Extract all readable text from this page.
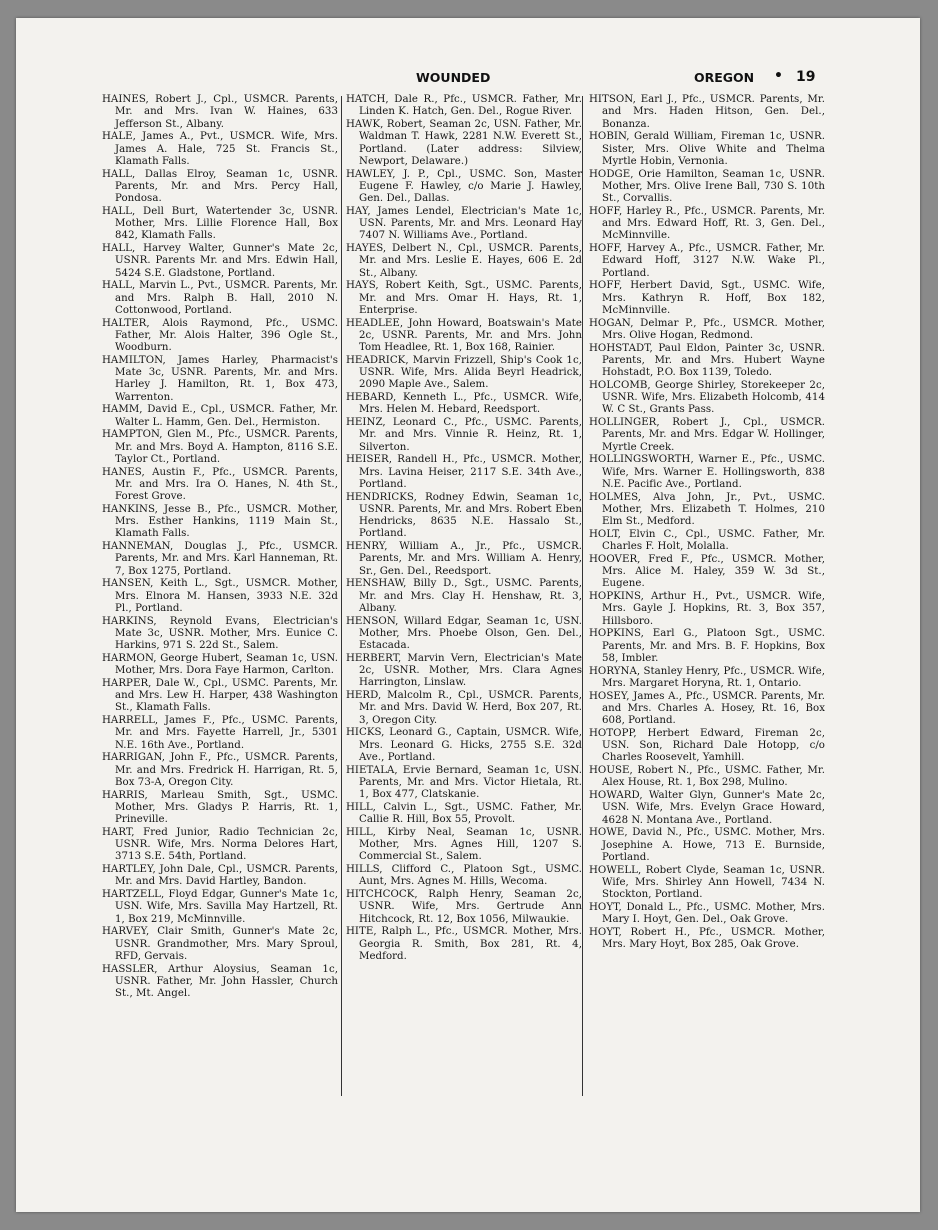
WOUNDED	OREGON • 19

HAINES, Robert J., Cpl., USMCR. Parents, Mr. and Mrs. Ivan W. Haines, 633 Jefferson St., Albany.

HALE, James A., Pvt., USMCR. Wife, Mrs. James A. Hale, 725 St. Francis St., Klamath Falls.

HALL, Dallas Elroy, Seaman 1c, USNR. Parents, Mr. and Mrs. Percy Hall, Pondosa.

HALL, Dell Burt, Watertender 3c, USNR. Mother, Mrs. Lillie Florence Hall, Box 842, Klamath Falls.

HALL, Harvey Walter, Gunner's Mate 2c, USNR. Parents Mr. and Mrs. Edwin Hall, 5424 S.E. Gladstone, Portland.

HALL, Marvin L., Pvt., USMCR. Parents, Mr. and Mrs. Ralph B. Hall, 2010 N. Cottonwood, Portland.

HALTER, Alois Raymond, Pfc., USMC. Father, Mr. Alois Halter, 396 Ogle St., Woodburn.

HAMILTON, James Harley, Pharmacist's Mate 3c, USNR. Parents, Mr. and Mrs. Harley J. Hamilton, Rt. 1, Box 473, Warrenton.

HAMM, David E., Cpl., USMCR. Father, Mr. Walter L. Hamm, Gen. Del., Hermiston.

HAMPTON, Glen M., Pfc., USMCR. Parents, Mr. and Mrs. Boyd A. Hampton, 8116 S.E. Taylor Ct., Portland.

HANES, Austin F., Pfc., USMCR. Parents, Mr. and Mrs. Ira O. Hanes, N. 4th St., Forest Grove.

HANKINS, Jesse B., Pfc., USMCR. Mother, Mrs. Esther Hankins, 1119 Main St., Klamath Falls.

HANNEMAN, Douglas J., Pfc., USMCR. Parents, Mr. and Mrs. Karl Hanneman, Rt. 7, Box 1275, Portland.

HANSEN, Keith L., Sgt., USMCR. Mother, Mrs. Elnora M. Hansen, 3933 N.E. 32d Pl., Portland.

HARKINS, Reynold Evans, Electrician's Mate 3c, USNR. Mother, Mrs. Eunice C. Harkins, 971 S. 22d St., Salem.

HARMON, George Hubert, Seaman 1c, USN. Mother, Mrs. Dora Faye Harmon, Carlton.

HARPER, Dale W., Cpl., USMC. Parents, Mr. and Mrs. Lew H. Harper, 438 Washington St., Klamath Falls.

HARRELL, James F., Pfc., USMC. Parents, Mr. and Mrs. Fayette Harrell, Jr., 5301 N.E. 16th Ave., Portland.

HARRIGAN, John F., Pfc., USMCR. Parents, Mr. and Mrs. Fredrick H. Harrigan, Rt. 5, Box 73-A, Oregon City.

HARRIS, Marleau Smith, Sgt., USMC. Mother, Mrs. Gladys P. Harris, Rt. 1, Prineville.

HART, Fred Junior, Radio Technician 2c, USNR. Wife, Mrs. Norma Delores Hart, 3713 S.E. 54th, Portland.

HARTLEY, John Dale, Cpl., USMCR. Parents, Mr. and Mrs. David Hartley, Bandon.

HARTZELL, Floyd Edgar, Gunner's Mate 1c, USN. Wife, Mrs. Savilla May Hartzell, Rt. 1, Box 219, McMinnville.

HARVEY, Clair Smith, Gunner's Mate 2c, USNR. Grandmother, Mrs. Mary Sproul, RFD, Gervais.

HASSLER, Arthur Aloysius, Seaman 1c, USNR. Father, Mr. John Hassler, Church St., Mt. Angel.

HATCH, Dale R., Pfc., USMCR. Father, Mr. Linden K. Hatch, Gen. Del., Rogue River.

HAWK, Robert, Seaman 2c, USN. Father, Mr. Waldman T. Hawk, 2281 N.W. Everett St., Portland. (Later address: Silview, Newport, Delaware.)

HAWLEY, J. P., Cpl., USMC. Son, Master Eugene F. Hawley, c/o Marie J. Hawley, Gen. Del., Dallas.

HAY, James Lendel, Electrician's Mate 1c, USN. Parents, Mr. and Mrs. Leonard Hay 7407 N. Williams Ave., Portland.

HAYES, Delbert N., Cpl., USMCR. Parents, Mr. and Mrs. Leslie E. Hayes, 606 E. 2d St., Albany.

HAYS, Robert Keith, Sgt., USMC. Parents, Mr. and Mrs. Omar H. Hays, Rt. 1, Enterprise.

HEADLEE, John Howard, Boatswain's Mate 2c, USNR. Parents, Mr. and Mrs. John Tom Headlee, Rt. 1, Box 168, Rainier.

HEADRICK, Marvin Frizzell, Ship's Cook 1c, USNR. Wife, Mrs. Alida Beyrl Headrick, 2090 Maple Ave., Salem.

HEBARD, Kenneth L., Pfc., USMCR. Wife, Mrs. Helen M. Hebard, Reedsport.

HEINZ, Leonard C., Pfc., USMC. Parents, Mr. and Mrs. Vinnie R. Heinz, Rt. 1, Silverton.

HEISER, Randell H., Pfc., USMCR. Mother, Mrs. Lavina Heiser, 2117 S.E. 34th Ave., Portland.

HENDRICKS, Rodney Edwin, Seaman 1c, USNR. Parents, Mr. and Mrs. Robert Eben Hendricks, 8635 N.E. Hassalo St., Portland.

HENRY, William A., Jr., Pfc., USMCR. Parents, Mr. and Mrs. William A. Henry, Sr., Gen. Del., Reedsport.

HENSHAW, Billy D., Sgt., USMC. Parents, Mr. and Mrs. Clay H. Henshaw, Rt. 3, Albany.

HENSON, Willard Edgar, Seaman 1c, USN. Mother, Mrs. Phoebe Olson, Gen. Del., Estacada.

HERBERT, Marvin Vern, Electrician's Mate 2c, USNR. Mother, Mrs. Clara Agnes Harrington, Linslaw.

HERD, Malcolm R., Cpl., USMCR. Parents, Mr. and Mrs. David W. Herd, Box 207, Rt. 3, Oregon City.

HICKS, Leonard G., Captain, USMCR. Wife, Mrs. Leonard G. Hicks, 2755 S.E. 32d Ave., Portland.

HIETALA, Ervie Bernard, Seaman 1c, USN. Parents, Mr. and Mrs. Victor Hietala, Rt. 1, Box 477, Clatskanie.

HILL, Calvin L., Sgt., USMC. Father, Mr. Callie R. Hill, Box 55, Provolt.

HILL, Kirby Neal, Seaman 1c, USNR. Mother, Mrs. Agnes Hill, 1207 S. Commercial St., Salem.

HILLS, Clifford C., Platoon Sgt., USMC. Aunt, Mrs. Agnes M. Hills, Wecoma.

HITCHCOCK, Ralph Henry, Seaman 2c, USNR. Wife, Mrs. Gertrude Ann Hitchcock, Rt. 12, Box 1056, Milwaukie.

HITE, Ralph L., Pfc., USMCR. Mother, Mrs. Georgia R. Smith, Box 281, Rt. 4, Medford.

HITSON, Earl J., Pfc., USMCR. Parents, Mr. and Mrs. Haden Hitson, Gen. Del., Bonanza.

HOBIN, Gerald William, Fireman 1c, USNR. Sister, Mrs. Olive White and Thelma Myrtle Hobin, Vernonia.

HODGE, Orie Hamilton, Seaman 1c, USNR. Mother, Mrs. Olive Irene Ball, 730 S. 10th St., Corvallis.

HOFF, Harley R., Pfc., USMCR. Parents, Mr. and Mrs. Edward Hoff, Rt. 3, Gen. Del., McMinnville.

HOFF, Harvey A., Pfc., USMCR. Father, Mr. Edward Hoff, 3127 N.W. Wake Pl., Portland.

HOFF, Herbert David, Sgt., USMC. Wife, Mrs. Kathryn R. Hoff, Box 182, McMinnville.

HOGAN, Delmar P., Pfc., USMCR. Mother, Mrs. Olive Hogan, Redmond.

HOHSTADT, Paul Eldon, Painter 3c, USNR. Parents, Mr. and Mrs. Hubert Wayne Hohstadt, P.O. Box 1139, Toledo.

HOLCOMB, George Shirley, Storekeeper 2c, USNR. Wife, Mrs. Elizabeth Holcomb, 414 W. C St., Grants Pass.

HOLLINGER, Robert J., Cpl., USMCR. Parents, Mr. and Mrs. Edgar W. Hollinger, Myrtle Creek.

HOLLINGSWORTH, Warner E., Pfc., USMC. Wife, Mrs. Warner E. Hollingsworth, 838 N.E. Pacific Ave., Portland.

HOLMES, Alva John, Jr., Pvt., USMC. Mother, Mrs. Elizabeth T. Holmes, 210 Elm St., Medford.

HOLT, Elvin C., Cpl., USMC. Father, Mr. Charles F. Holt, Molalla.

HOOVER, Fred F., Pfc., USMCR. Mother, Mrs. Alice M. Haley, 359 W. 3d St., Eugene.

HOPKINS, Arthur H., Pvt., USMCR. Wife, Mrs. Gayle J. Hopkins, Rt. 3, Box 357, Hillsboro.

HOPKINS, Earl G., Platoon Sgt., USMC. Parents, Mr. and Mrs. B. F. Hopkins, Box 58, Imbler.

HORYNA, Stanley Henry, Pfc., USMCR. Wife, Mrs. Margaret Horyna, Rt. 1, Ontario.

HOSEY, James A., Pfc., USMCR. Parents, Mr. and Mrs. Charles A. Hosey, Rt. 16, Box 608, Portland.

HOTOPP, Herbert Edward, Fireman 2c, USN. Son, Richard Dale Hotopp, c/o Charles Roosevelt, Yamhill.

HOUSE, Robert N., Pfc., USMC. Father, Mr. Alex House, Rt. 1, Box 298, Mulino.

HOWARD, Walter Glyn, Gunner's Mate 2c, USN. Wife, Mrs. Evelyn Grace Howard, 4628 N. Montana Ave., Portland.

HOWE, David N., Pfc., USMC. Mother, Mrs. Josephine A. Howe, 713 E. Burnside, Portland.

HOWELL, Robert Clyde, Seaman 1c, USNR. Wife, Mrs. Shirley Ann Howell, 7434 N. Stockton, Portland.

HOYT, Donald L., Pfc., USMC. Mother, Mrs. Mary I. Hoyt, Gen. Del., Oak Grove.

HOYT, Robert H., Pfc., USMCR. Mother, Mrs. Mary Hoyt, Box 285, Oak Grove.
